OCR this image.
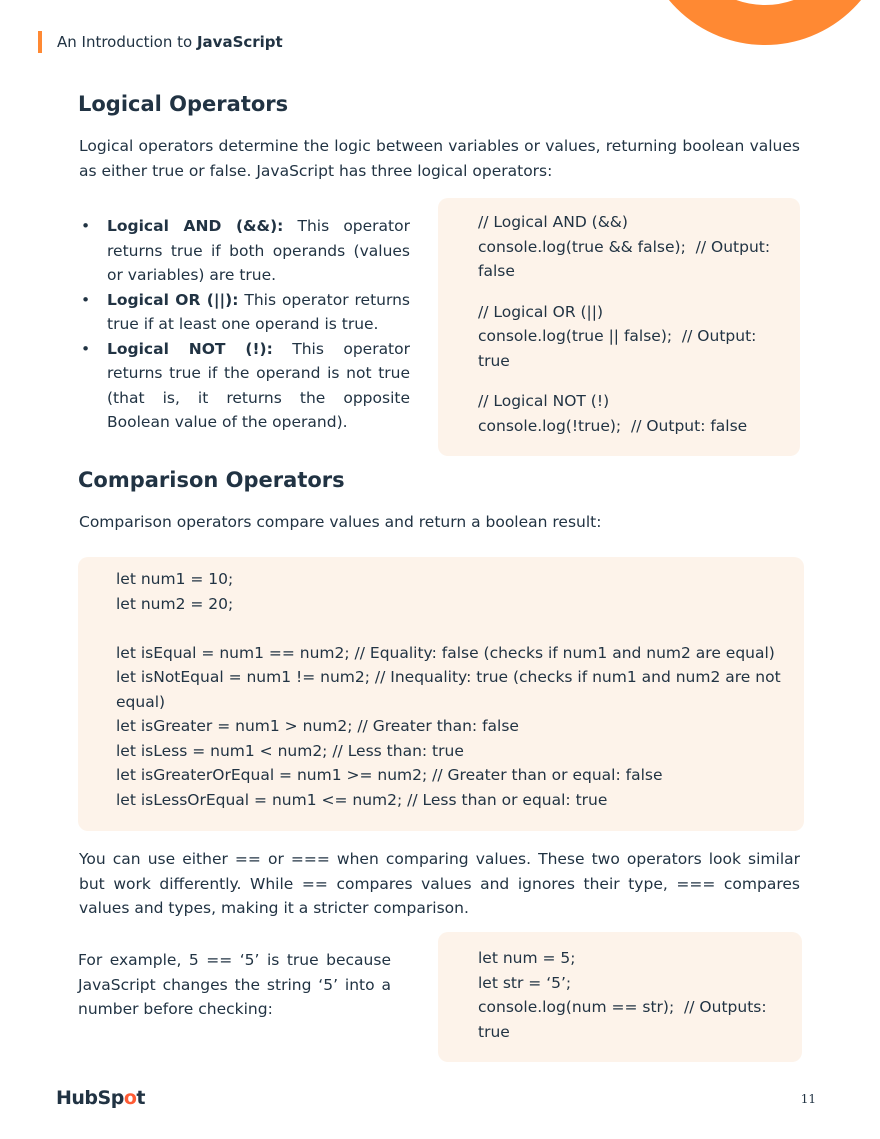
An Introduction to JavaScript
Logical Operators

Logical operators determine the logic between variables or values, returning boolean values as either true or false. JavaScript has three logical operators:

• Logical AND (&&): This operator returns true if both operands (values or variables) are true.
• Logical OR (||): This operator returns true if at least one operand is true.
• Logical NOT (!): This operator returns true if the operand is not true (that is, it returns the opposite Boolean value of the operand).
// Logical AND (&&)
console.log(true && false);  // Output: false
// Logical OR (||)
console.log(true || false);  // Output: true
// Logical NOT (!)
console.log(!true);  // Output: false
Comparison Operators

Comparison operators compare values and return a boolean result:

let num1 = 10;
let num2 = 20;
let isEqual = num1 == num2; // Equality: false (checks if num1 and num2 are equal)
let isNotEqual = num1 != num2; // Inequality: true (checks if num1 and num2 are not equal)
let isGreater = num1 > num2; // Greater than: false
let isLess = num1 < num2; // Less than: true
let isGreaterOrEqual = num1 >= num2; // Greater than or equal: false
let isLessOrEqual = num1 <= num2; // Less than or equal: true

You can use either == or === when comparing values. These two operators look similar but work differently. While == compares values and ignores their type, === compares values and types, making it a stricter comparison.

For example, 5 == ‘5’ is true because JavaScript changes the string ‘5’ into a number before checking:

let num = 5;
let str = ‘5’;
console.log(num == str);  // Outputs: true
HubSpot	11
